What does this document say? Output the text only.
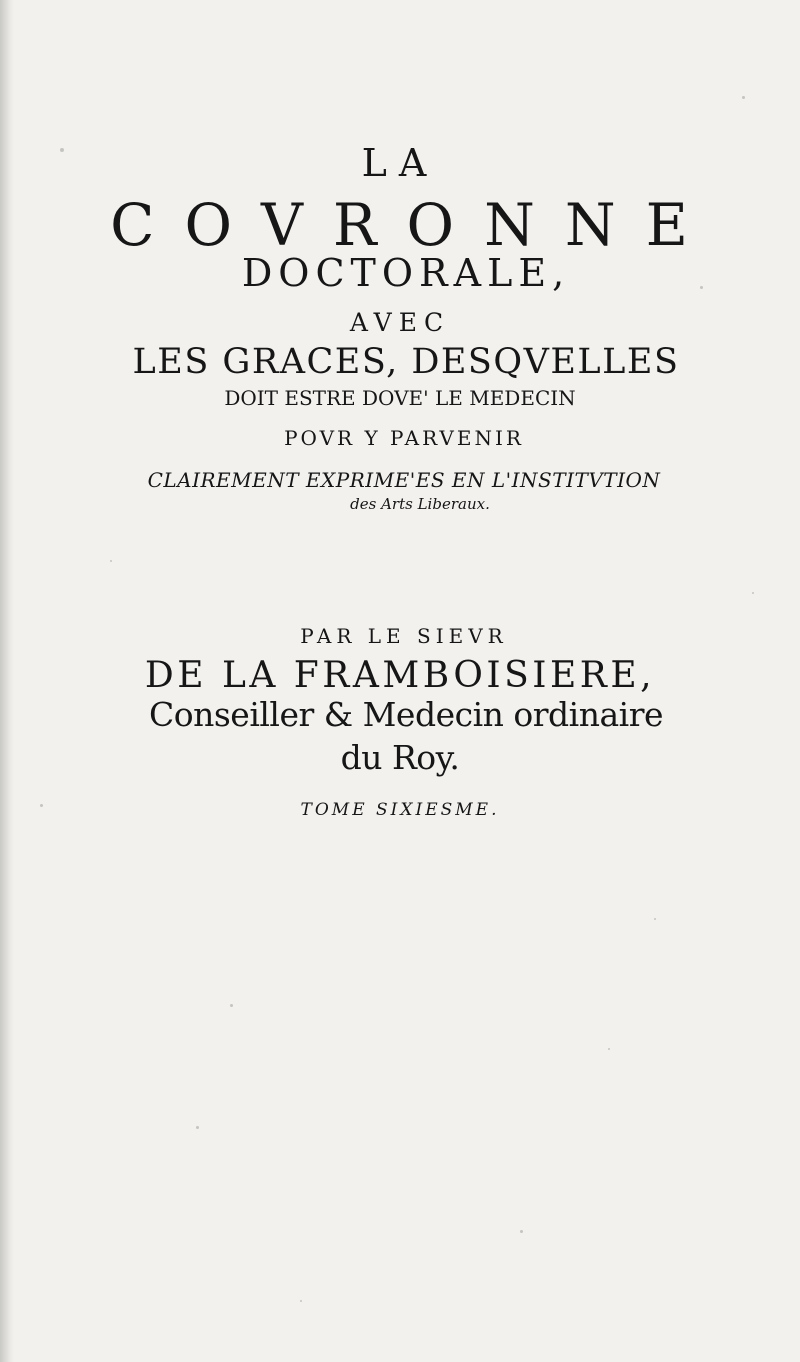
LA
COVRONNE
DOCTORALE,
AVEC
LES GRACES, DESQVELLES
DOIT ESTRE DOVE' LE MEDECIN
POVR Y PARVENIR
CLAIREMENT EXPRIME'ES EN L'INSTITVTION
des Arts Liberaux.
PAR LE SIEVR
DE LA FRAMBOISIERE,
Conseiller & Medecin ordinaire
du Roy.
TOME SIXIESME.
